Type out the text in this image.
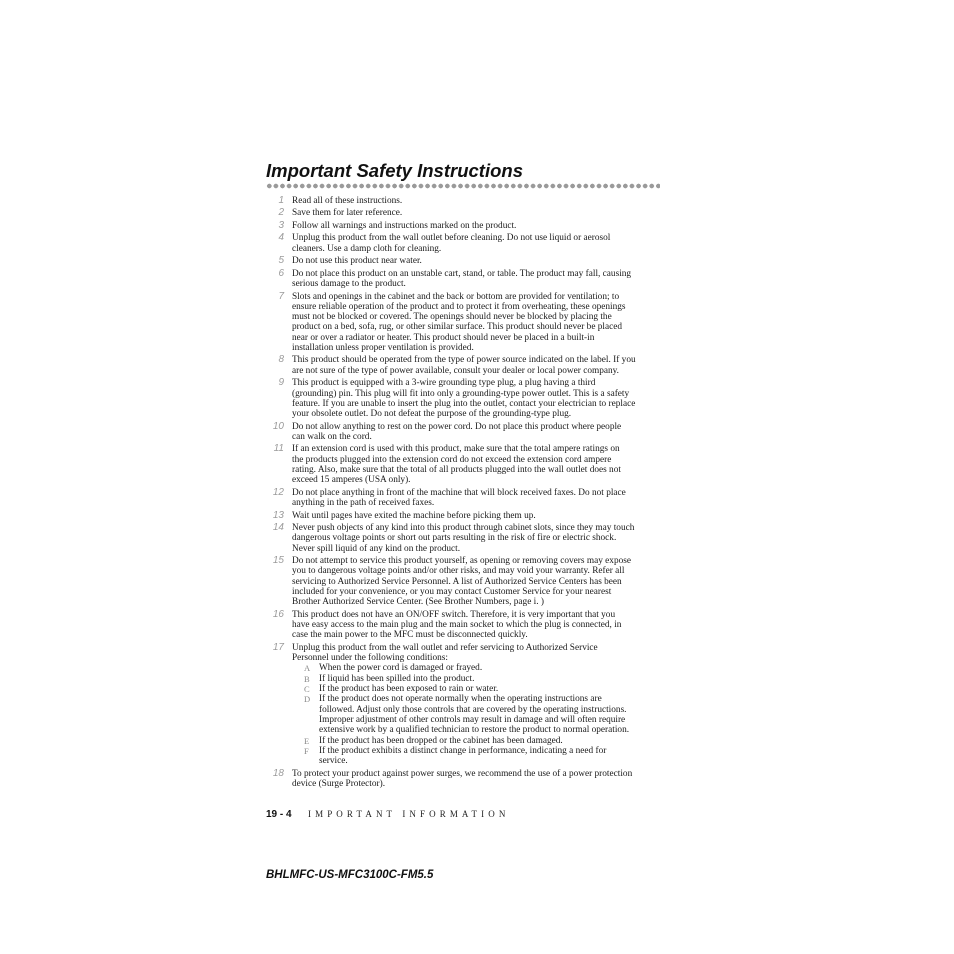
Important Safety Instructions
1 Read all of these instructions.
2 Save them for later reference.
3 Follow all warnings and instructions marked on the product.
4 Unplug this product from the wall outlet before cleaning. Do not use liquid or aerosol
cleaners. Use a damp cloth for cleaning.
5 Do not use this product near water.
6 Do not place this product on an unstable cart, stand, or table. The product may fall, causing
serious damage to the product.
7 Slots and openings in the cabinet and the back or bottom are provided for ventilation; to
ensure reliable operation of the product and to protect it from overheating, these openings
must not be blocked or covered. The openings should never be blocked by placing the
product on a bed, sofa, rug, or other similar surface. This product should never be placed
near or over a radiator or heater. This product should never be placed in a built-in
installation unless proper ventilation is provided.
8 This product should be operated from the type of power source indicated on the label. If you
are not sure of the type of power available, consult your dealer or local power company.
9 This product is equipped with a 3-wire grounding type plug, a plug having a third
(grounding) pin. This plug will fit into only a grounding-type power outlet. This is a safety
feature. If you are unable to insert the plug into the outlet, contact your electrician to replace
your obsolete outlet. Do not defeat the purpose of the grounding-type plug.
10 Do not allow anything to rest on the power cord. Do not place this product where people
can walk on the cord.
11 If an extension cord is used with this product, make sure that the total ampere ratings on
the products plugged into the extension cord do not exceed the extension cord ampere
rating. Also, make sure that the total of all products plugged into the wall outlet does not
exceed 15 amperes (USA only).
12 Do not place anything in front of the machine that will block received faxes. Do not place
anything in the path of received faxes.
13 Wait until pages have exited the machine before picking them up.
14 Never push objects of any kind into this product through cabinet slots, since they may touch
dangerous voltage points or short out parts resulting in the risk of fire or electric shock.
Never spill liquid of any kind on the product.
15 Do not attempt to service this product yourself, as opening or removing covers may expose
you to dangerous voltage points and/or other risks, and may void your warranty. Refer all
servicing to Authorized Service Personnel. A list of Authorized Service Centers has been
included for your convenience, or you may contact Customer Service for your nearest
Brother Authorized Service Center. (See Brother Numbers, page i. )
16 This product does not have an ON/OFF switch. Therefore, it is very important that you
have easy access to the main plug and the main socket to which the plug is connected, in
case the main power to the MFC must be disconnected quickly.
17 Unplug this product from the wall outlet and refer servicing to Authorized Service
Personnel under the following conditions:
A When the power cord is damaged or frayed.
B If liquid has been spilled into the product.
C If the product has been exposed to rain or water.
D If the product does not operate normally when the operating instructions are
followed. Adjust only those controls that are covered by the operating instructions.
Improper adjustment of other controls may result in damage and will often require
extensive work by a qualified technician to restore the product to normal operation.
E If the product has been dropped or the cabinet has been damaged.
F If the product exhibits a distinct change in performance, indicating a need for
service.
18 To protect your product against power surges, we recommend the use of a power protection
device (Surge Protector).
19 - 4 IMPORTANT INFORMATION
BHLMFC-US-MFC3100C-FM5.5
